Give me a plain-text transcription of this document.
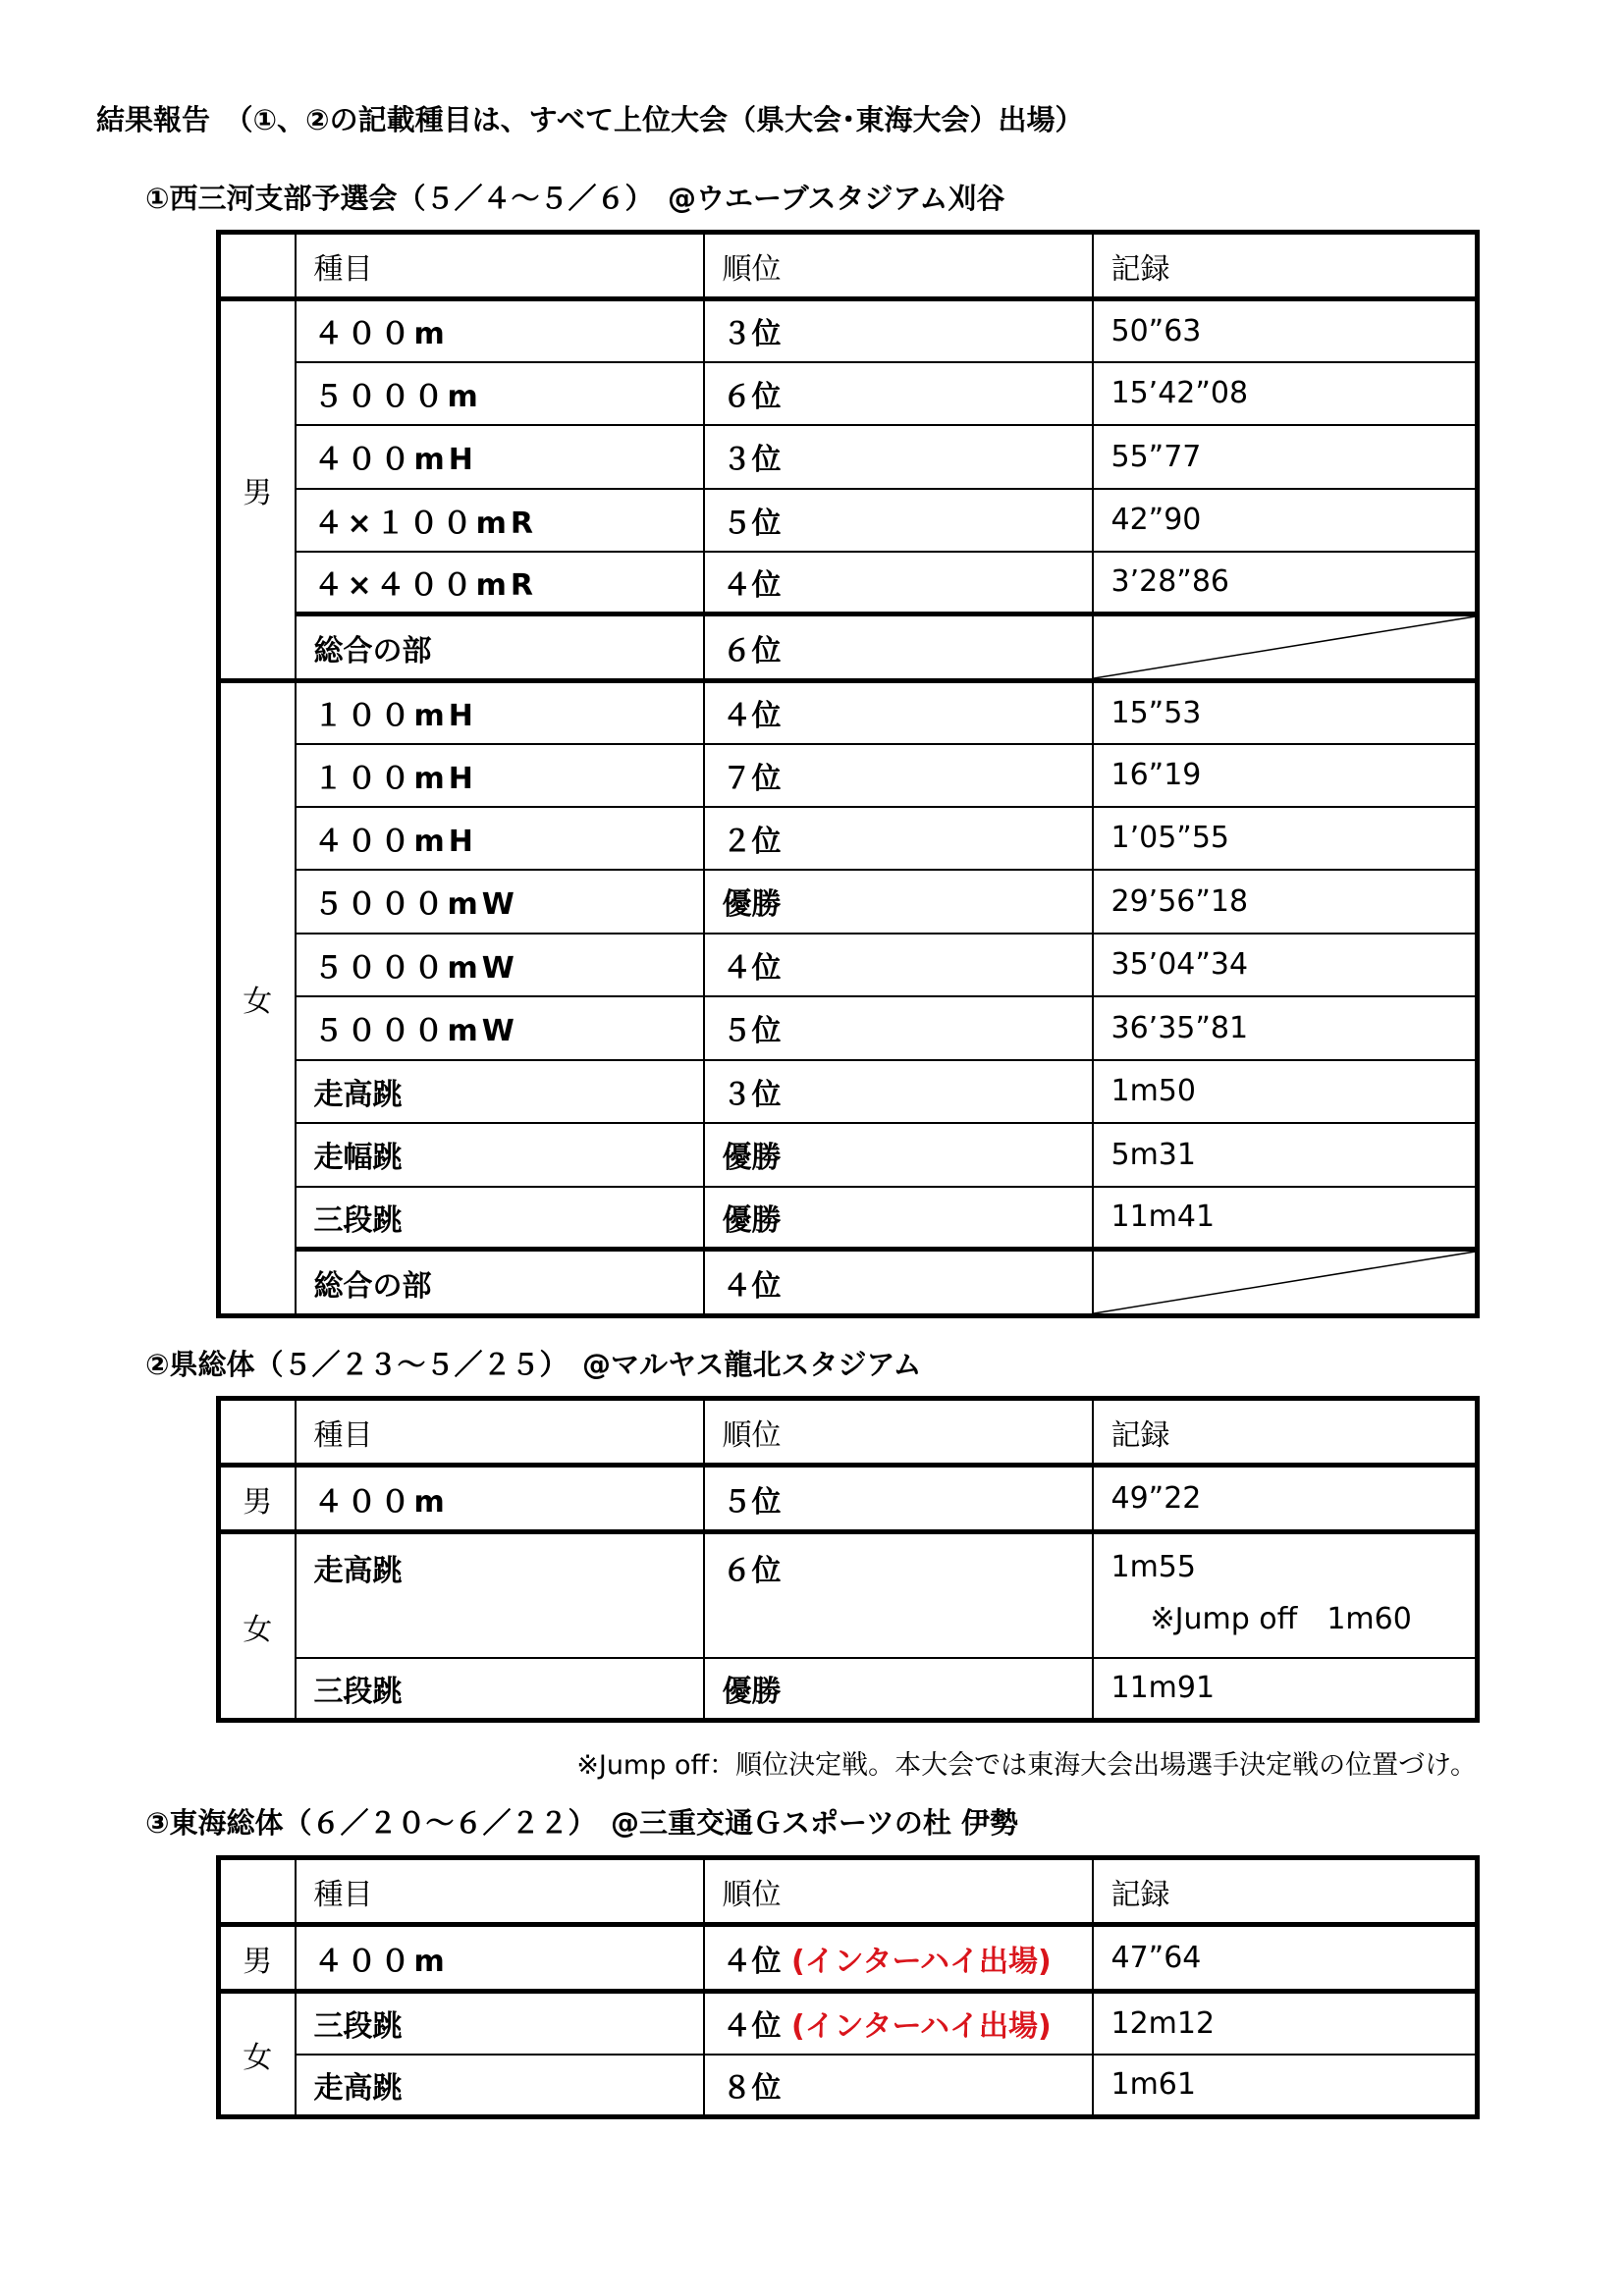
結果報告　（①、②の記載種目は、すべて上位大会（県大会･東海大会）出場）
①西三河支部予選会（５／４～５／６）　@ウエーブスタジアム刈谷
	種目	順位	記録
男	４００m	３位	50”63
	５０００m	６位	15’42”08
	４００mH	３位	55”77
	４×１００mR	５位	42”90
	４×４００mR	４位	3’28”86
	総合の部	６位	

女	１００mH	４位	15”53
	１００mH	７位	16”19
	４００mH	２位	1’05”55
	５０００mW	優勝	29’56”18
	５０００mW	４位	35’04”34
	５０００mW	５位	36’35”81
	走高跳	３位	1m50
	走幅跳	優勝	5m31
	三段跳	優勝	11m41
	総合の部	４位	
②県総体（５／２３～５／２５）　@マルヤス龍北スタジアム
	種目	順位	記録
男	４００m	５位	49”22
女	走高跳	６位	1m55
※Jump off　1m60

	三段跳	優勝	11m91
※Jump off：順位決定戦。本大会では東海大会出場選手決定戦の位置づけ。
③東海総体（６／２０～６／２２）　@三重交通Ｇスポーツの杜 伊勢
	種目	順位	記録
男	４００m	４位 (インターハイ出場)	47”64
女	三段跳	４位 (インターハイ出場)	12m12
	走高跳	８位	1m61
